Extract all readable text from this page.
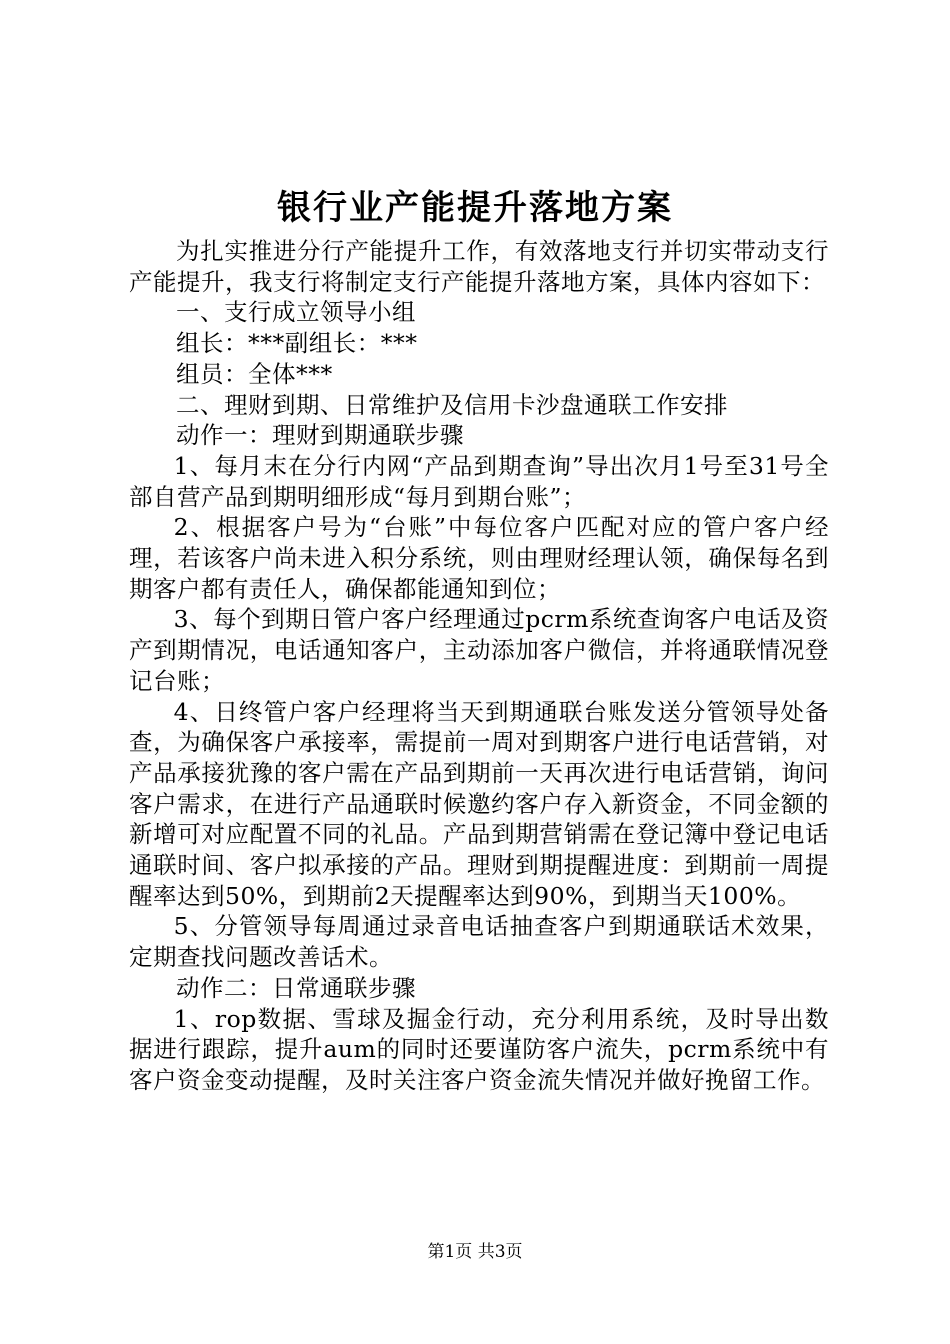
银行业产能提升落地方案

为扎实推进分行产能提升工作，有效落地支行并切实带动支行产能提升，我支行将制定支行产能提升落地方案，具体内容如下：

一、支行成立领导小组

组长：***副组长：***

组员：全体***

二、理财到期、日常维护及信用卡沙盘通联工作安排

动作一：理财到期通联步骤

1、每月末在分行内网“产品到期查询”导出次月1号至31号全部自营产品到期明细形成“每月到期台账”；

2、根据客户号为“台账”中每位客户匹配对应的管户客户经理，若该客户尚未进入积分系统，则由理财经理认领，确保每名到期客户都有责任人，确保都能通知到位；

3、每个到期日管户客户经理通过pcrm系统查询客户电话及资产到期情况，电话通知客户，主动添加客户微信，并将通联情况登记台账；

4、日终管户客户经理将当天到期通联台账发送分管领导处备查，为确保客户承接率，需提前一周对到期客户进行电话营销，对产品承接犹豫的客户需在产品到期前一天再次进行电话营销，询问客户需求，在进行产品通联时候邀约客户存入新资金，不同金额的新增可对应配置不同的礼品。产品到期营销需在登记簿中登记电话通联时间、客户拟承接的产品。理财到期提醒进度：到期前一周提醒率达到50%，到期前2天提醒率达到90%，到期当天100%。

5、分管领导每周通过录音电话抽查客户到期通联话术效果，定期查找问题改善话术。

动作二：日常通联步骤

1、rop数据、雪球及掘金行动，充分利用系统，及时导出数据进行跟踪，提升aum的同时还要谨防客户流失，pcrm系统中有客户资金变动提醒，及时关注客户资金流失情况并做好挽留工作。

第1页 共3页
